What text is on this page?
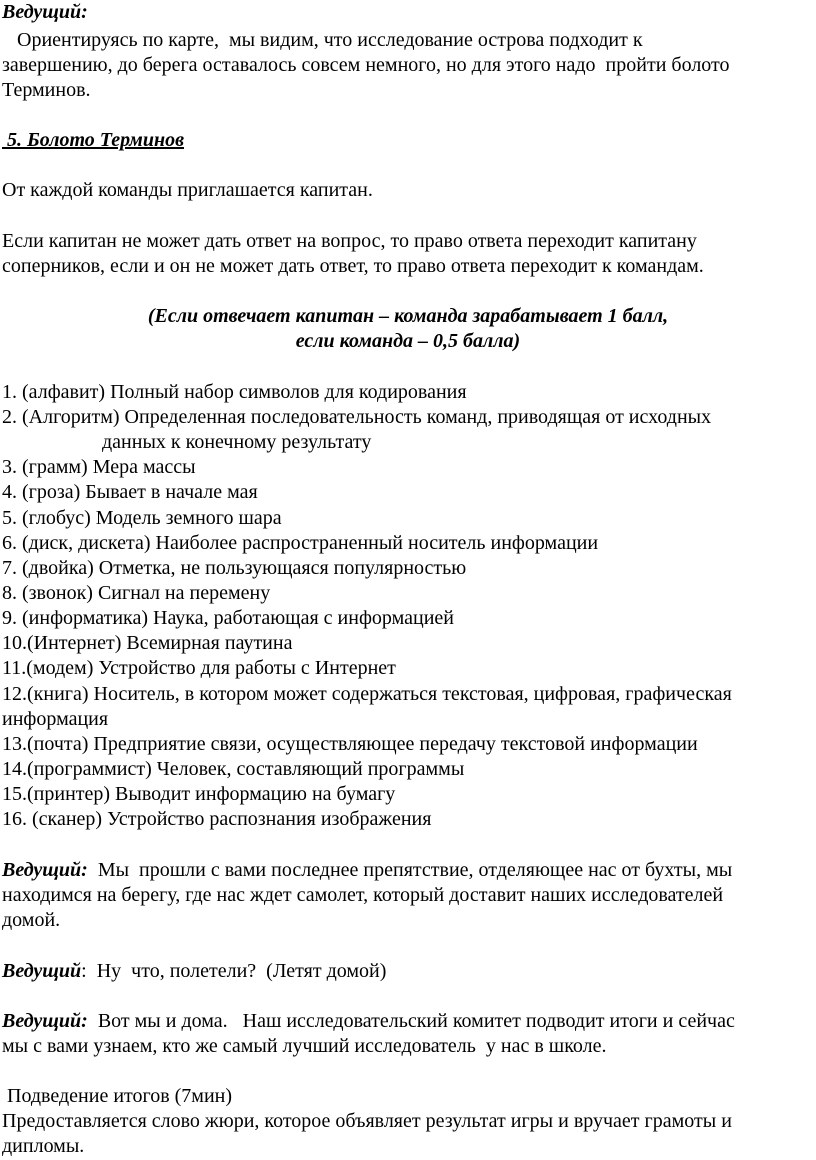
Ведущий:
Ориентируясь по карте,  мы видим, что исследование острова подходит к
завершению, до берега оставалось совсем немного, но для этого надо  пройти болото
Терминов.
5. Болото Терминов
От каждой команды приглашается капитан.
Если капитан не может дать ответ на вопрос, то право ответа переходит капитану
соперников, если и он не может дать ответ, то право ответа переходит к командам.
(Если отвечает капитан – команда зарабатывает 1 балл,
если команда – 0,5 балла)
1. (алфавит) Полный набор символов для кодирования
2. (Алгоритм) Определенная последовательность команд, приводящая от исходных
данных к конечному результату
3. (грамм) Мера массы
4. (гроза) Бывает в начале мая
5. (глобус) Модель земного шара
6. (диск, дискета) Наиболее распространенный носитель информации
7. (двойка) Отметка, не пользующаяся популярностью
8. (звонок) Сигнал на перемену
9. (информатика) Наука, работающая с информацией
10.(Интернет) Всемирная паутина
11.(модем) Устройство для работы с Интернет
12.(книга) Носитель, в котором может содержаться текстовая, цифровая, графическая
информация
13.(почта) Предприятие связи, осуществляющее передачу текстовой информации
14.(программист) Человек, составляющий программы
15.(принтер) Выводит информацию на бумагу
16. (сканер) Устройство распознания изображения
Ведущий:  Мы  прошли с вами последнее препятствие, отделяющее нас от бухты, мы
находимся на берегу, где нас ждет самолет, который доставит наших исследователей
домой.
Ведущий:  Ну  что, полетели?  (Летят домой)
Ведущий:  Вот мы и дома.   Наш исследовательский комитет подводит итоги и сейчас
мы с вами узнаем, кто же самый лучший исследователь  у нас в школе.
Подведение итогов (7мин)
Предоставляется слово жюри, которое объявляет результат игры и вручает грамоты и
дипломы.
